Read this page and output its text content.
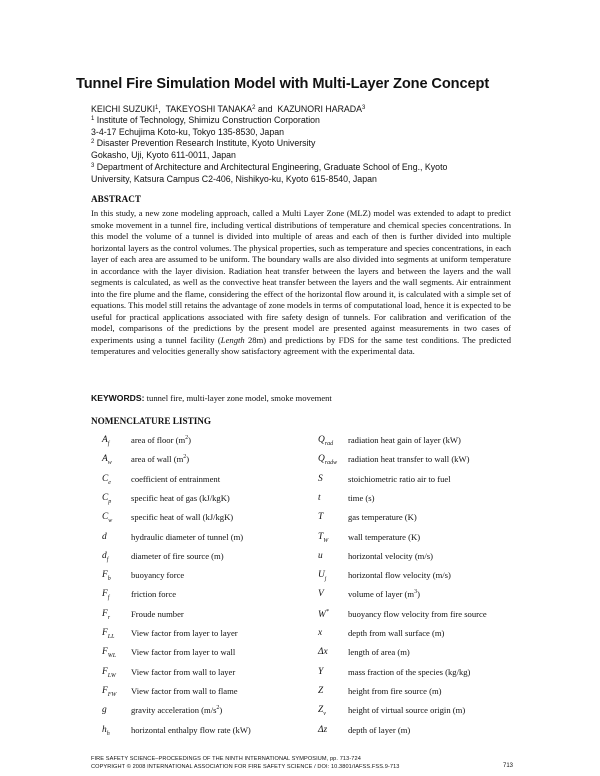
Tunnel Fire Simulation Model with Multi-Layer Zone Concept
KEICHI SUZUKI$^1$,  TAKEYOSHI TANAKA$^2$ and  KAZUNORI HARADA$^3$
$^1$ Institute of Technology, Shimizu Construction Corporation
3-4-17 Echujima Koto-ku, Tokyo 135-8530, Japan
$^2$ Disaster Prevention Research Institute, Kyoto University
Gokasho, Uji, Kyoto 611-0011, Japan
$^3$ Department of Architecture and Architectural Engineering, Graduate School of Eng., Kyoto
University, Katsura Campus C2-406, Nishikyo-ku, Kyoto 615-8540, Japan
ABSTRACT
In this study, a new zone modeling approach, called a Multi Layer Zone (MLZ) model was extended to adapt to predict smoke movement in a tunnel fire, including vertical distributions of temperature and chemical species concentrations. In this model the volume of a tunnel is divided into multiple of areas and each of then is further divided into multiple horizontal layers as the control volumes. The physical properties, such as temperature and species concentrations, in each layer of each area are assumed to be uniform. The boundary walls are also divided into segments at uniform temperature in accordance with the layer division. Radiation heat transfer between the layers and between the layers and the wall segments is calculated, as well as the convective heat transfer between the layers and the wall segments. Air entrainment into the fire plume and the flame, considering the effect of the horizontal flow around it, is calculated with a simple set of equations. This model still retains the advantage of zone models in terms of computational load, hence it is expected to be useful for practical applications associated with fire safety design of tunnels. For calibration and verification of the model, comparisons of the predictions by the present model are presented against measurements in two cases of experiments using a tunnel facility (Length 28m) and predictions by FDS for the same test conditions. The predicted temperatures and velocities generally show satisfactory agreement with the experimental data.
KEYWORDS: tunnel fire, multi-layer zone model, smoke movement
NOMENCLATURE LISTING
$A_f$	area of floor $(m^2)$	$Q_{rad}$ radiation heat gain of layer (kW)
$A_w$ area of wall $(m^2)$	$Q_{radw}$ radiation heat transfer to wall (kW)
$C_e$ coefficient of entrainment	S	stoichiometric ratio air to fuel
$C_p$ specific heat of gas (kJ/kgK)	t	time (s)
$C_w$ specific heat of wall (kJ/kgK)	T	gas temperature (K)
d	hydraulic diameter of tunnel (m)	$T_W$ wall temperature (K)
$d_f$	diameter of fire source (m)	u	horizontal velocity (m/s)
$F_b$ buoyancy force	$U_j$	horizontal flow velocity (m/s)
$F_f$	friction force	V	volume of layer $(m^3)$
$F_r$ Froude number	W* buoyancy flow velocity from fire source
$F_{LL}$ View factor from layer to layer	x	depth from wall surface (m)
$F_{WL}$ View factor from layer to wall	Δx length of area (m)
$F_{LW}$ View factor from wall to layer	Y	mass fraction of the species (kg/kg)
$F_{FW}$ View factor from wall to flame	Z	height from fire source (m)
g	gravity acceleration $(m/s^2)$	$Z_v$	height of virtual source origin (m)
$h_h$ horizontal enthalpy flow rate (kW)	Δz depth of layer (m)
FIRE SAFETY SCIENCE–PROCEEDINGS OF THE NINTH INTERNATIONAL SYMPOSIUM, pp. 713-724
COPYRIGHT © 2008 INTERNATIONAL ASSOCIATION FOR FIRE SAFETY SCIENCE / DOI: 10.3801/IAFSS.FSS.9-713	713
